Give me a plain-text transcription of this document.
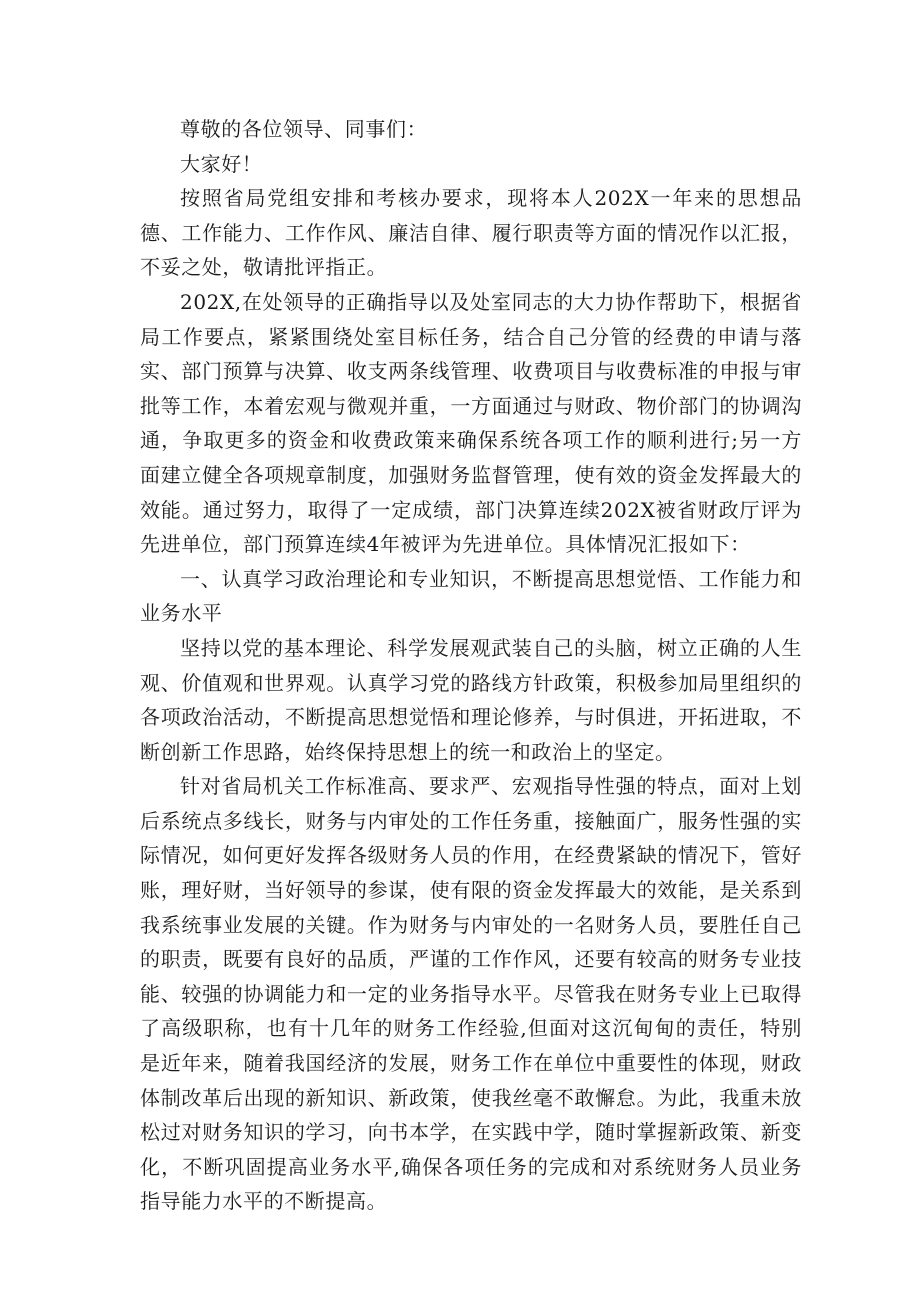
尊敬的各位领导、同事们：

大家好！

按照省局党组安排和考核办要求，现将本人202X一年来的思想品德、工作能力、工作作风、廉洁自律、履行职责等方面的情况作以汇报，不妥之处，敬请批评指正。

202X,在处领导的正确指导以及处室同志的大力协作帮助下，根据省局工作要点，紧紧围绕处室目标任务，结合自己分管的经费的申请与落实、部门预算与决算、收支两条线管理、收费项目与收费标准的申报与审批等工作，本着宏观与微观并重，一方面通过与财政、物价部门的协调沟通，争取更多的资金和收费政策来确保系统各项工作的顺利进行;另一方面建立健全各项规章制度，加强财务监督管理，使有效的资金发挥最大的效能。通过努力，取得了一定成绩，部门决算连续202X被省财政厅评为先进单位，部门预算连续4年被评为先进单位。具体情况汇报如下：

一、认真学习政治理论和专业知识，不断提高思想觉悟、工作能力和业务水平

坚持以党的基本理论、科学发展观武装自己的头脑，树立正确的人生观、价值观和世界观。认真学习党的路线方针政策，积极参加局里组织的各项政治活动，不断提高思想觉悟和理论修养，与时俱进，开拓进取，不断创新工作思路，始终保持思想上的统一和政治上的坚定。

针对省局机关工作标准高、要求严、宏观指导性强的特点，面对上划后系统点多线长，财务与内审处的工作任务重，接触面广，服务性强的实际情况，如何更好发挥各级财务人员的作用，在经费紧缺的情况下，管好账，理好财，当好领导的参谋，使有限的资金发挥最大的效能，是关系到我系统事业发展的关键。作为财务与内审处的一名财务人员，要胜任自己的职责，既要有良好的品质，严谨的工作作风，还要有较高的财务专业技能、较强的协调能力和一定的业务指导水平。尽管我在财务专业上已取得了高级职称，也有十几年的财务工作经验,但面对这沉甸甸的责任，特别是近年来，随着我国经济的发展，财务工作在单位中重要性的体现，财政体制改革后出现的新知识、新政策，使我丝毫不敢懈怠。为此，我重未放松过对财务知识的学习，向书本学，在实践中学，随时掌握新政策、新变化，不断巩固提高业务水平,确保各项任务的完成和对系统财务人员业务指导能力水平的不断提高。
